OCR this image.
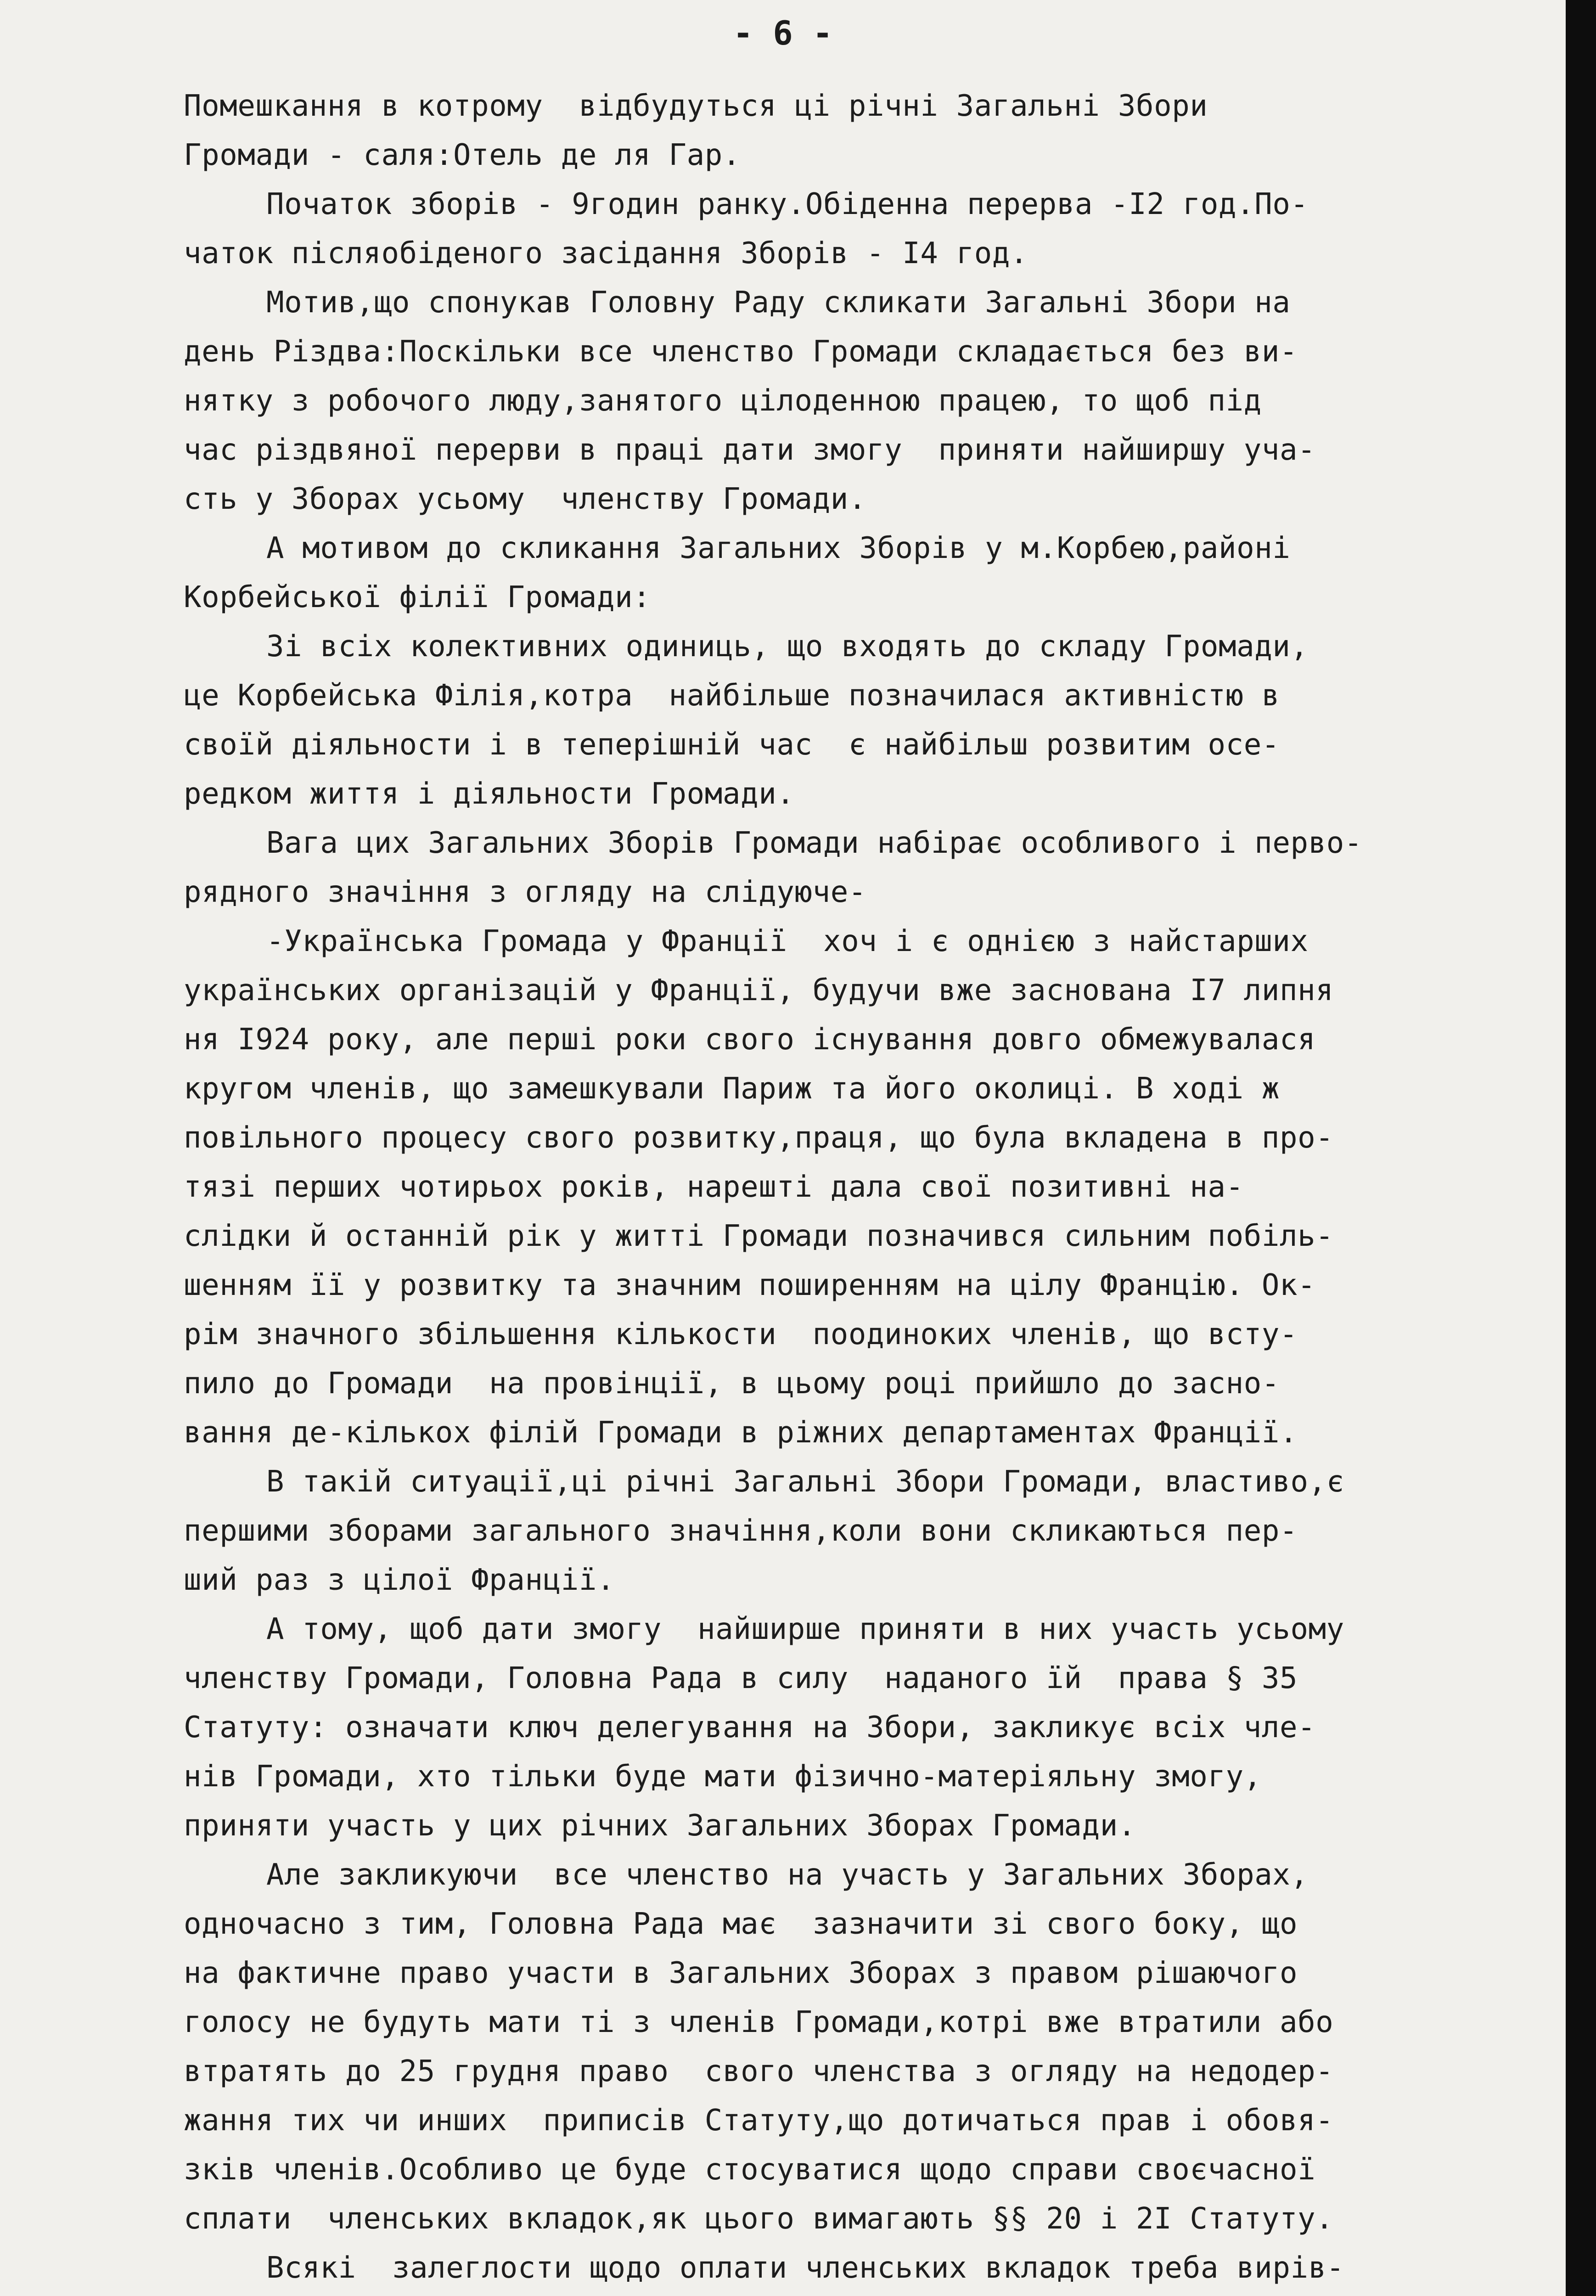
- 6 -
Помешкання в котрому  відбудуться ці річні Загальні Збори
Громади - саля:Отель де ля Гар.
Початок зборів - 9годин ранку.Обіденна перерва -I2 год.По-
чаток післяобіденого засідання Зборів - I4 год.
Мотив,що спонукав Головну Раду скликати Загальні Збори на
день Різдва:Поскільки все членство Громади складається без ви-
нятку з робочого люду,занятого цілоденною працею, то щоб під
час різдвяної перерви в праці дати змогу  приняти найширшу уча-
сть у Зборах усьому  членству Громади.
А мотивом до скликання Загальних Зборів у м.Корбею,районі
Корбейської філії Громади:
Зі всіх колективних одиниць, що входять до складу Громади,
це Корбейська Філія,котра  найбільше позначилася активністю в
своїй діяльности і в теперішній час  є найбільш розвитим осе-
редком життя і діяльности Громади.
Вага цих Загальних Зборів Громади набірає особливого і перво-
рядного значіння з огляду на слідуюче-
-Українська Громада у Франції  хоч і є однією з найстарших
українських організацій у Франції, будучи вже заснована I7 липня
ня I924 року, але перші роки свого існування довго обмежувалася
кругом членів, що замешкували Париж та його околиці. В ході ж
повільного процесу свого розвитку,праця, що була вкладена в про-
тязі перших чотирьох років, нарешті дала свої позитивні на-
слідки й останній рік у житті Громади позначився сильним побіль-
шенням її у розвитку та значним поширенням на цілу Францію. Ок-
рім значного збільшення кількости  поодиноких членів, що всту-
пило до Громади  на провінції, в цьому році прийшло до засно-
вання де-кількох філій Громади в ріжних департаментах Франції.
В такій ситуації,ці річні Загальні Збори Громади, властиво,є
першими зборами загального значіння,коли вони скликаються пер-
ший раз з цілої Франції.
А тому, щоб дати змогу  найширше приняти в них участь усьому
членству Громади, Головна Рада в силу  наданого їй  права § 35
Статуту: означати ключ делегування на Збори, закликує всіх чле-
нів Громади, хто тільки буде мати фізично-матеріяльну змогу,
приняти участь у цих річних Загальних Зборах Громади.
Але закликуючи  все членство на участь у Загальних Зборах,
одночасно з тим, Головна Рада має  зазначити зі свого боку, що
на фактичне право участи в Загальних Зборах з правом рішаючого
голосу не будуть мати ті з членів Громади,котрі вже втратили або
втратять до 25 грудня право  свого членства з огляду на недодер-
жання тих чи инших  приписів Статуту,що дотичаться прав і обовя-
зків членів.Особливо це буде стосуватися щодо справи своєчасної
сплати  членських вкладок,як цього вимагають §§ 20 і 2I Статуту.
Всякі  залеглости щодо оплати членських вкладок треба вирів-
